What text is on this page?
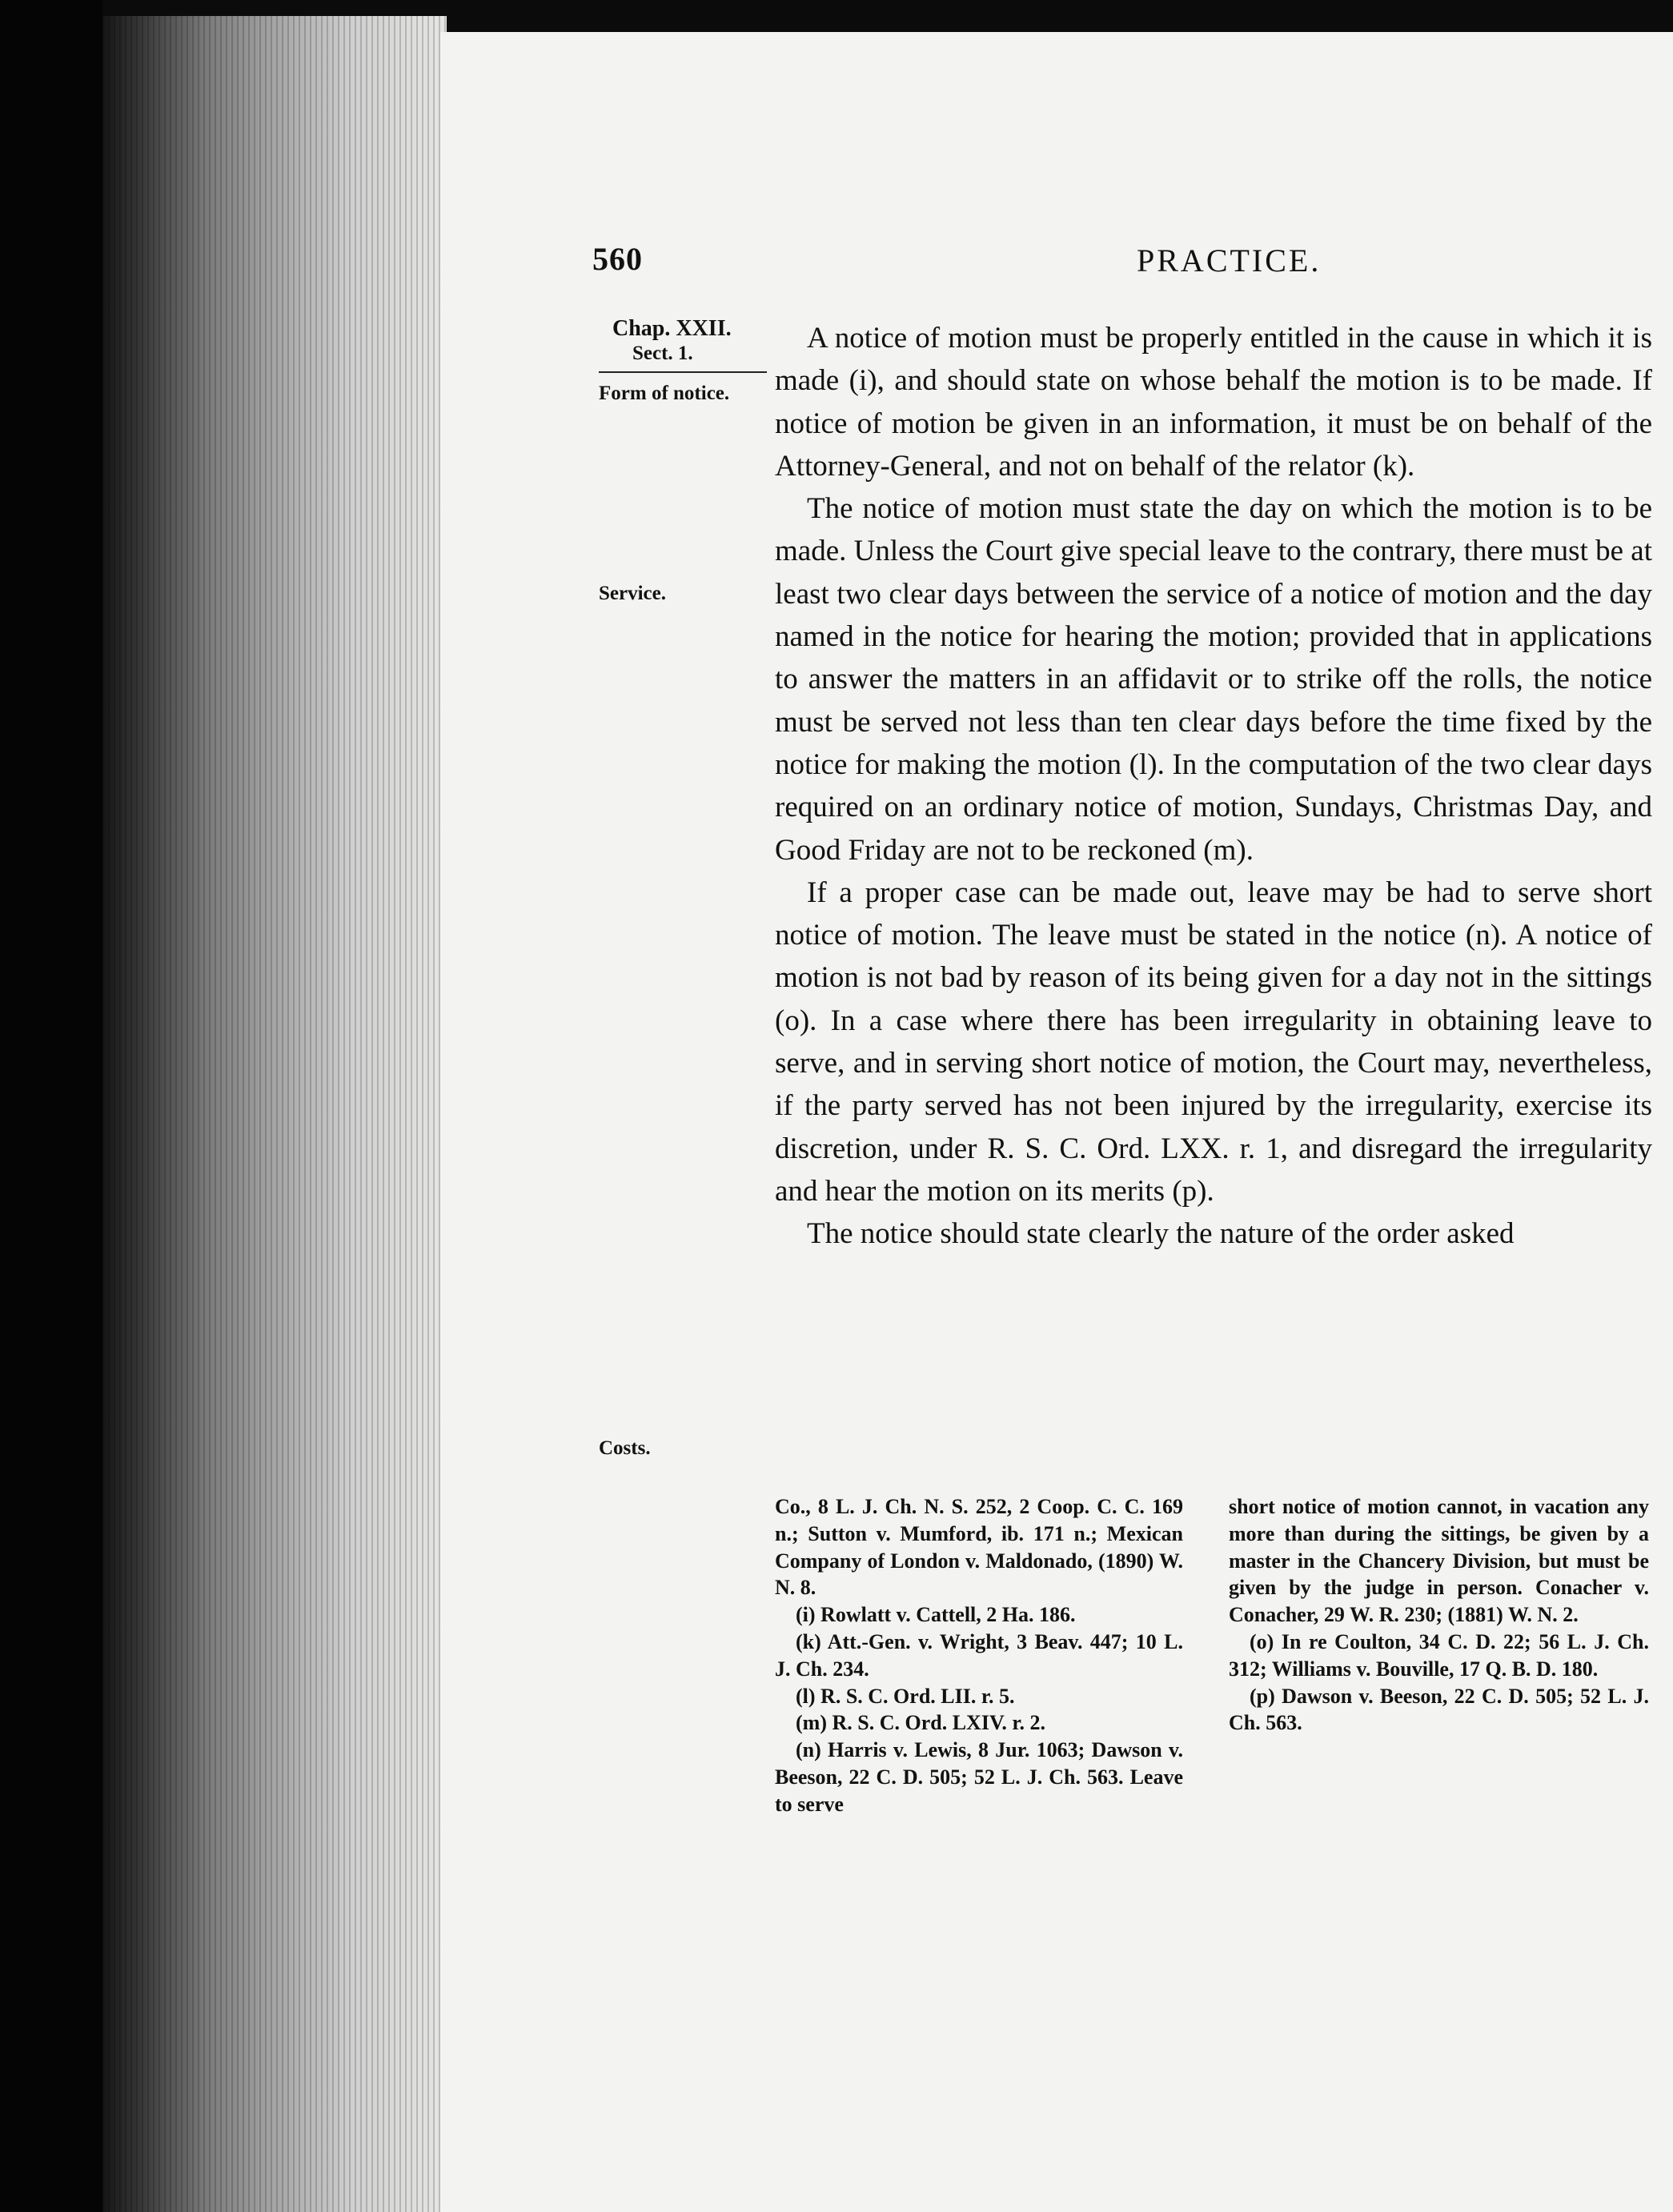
560	PRACTICE.
Chap. XXII.
Sect. 1.
Form of notice.
Service.
Costs.

A notice of motion must be properly entitled in the cause in which it is made (i), and should state on whose behalf the motion is to be made. If notice of motion be given in an information, it must be on behalf of the Attorney-General, and not on behalf of the relator (k).

The notice of motion must state the day on which the motion is to be made. Unless the Court give special leave to the contrary, there must be at least two clear days between the service of a notice of motion and the day named in the notice for hearing the motion; provided that in applications to answer the matters in an affidavit or to strike off the rolls, the notice must be served not less than ten clear days before the time fixed by the notice for making the motion (l). In the computation of the two clear days required on an ordinary notice of motion, Sundays, Christmas Day, and Good Friday are not to be reckoned (m).

If a proper case can be made out, leave may be had to serve short notice of motion. The leave must be stated in the notice (n). A notice of motion is not bad by reason of its being given for a day not in the sittings (o). In a case where there has been irregularity in obtaining leave to serve, and in serving short notice of motion, the Court may, nevertheless, if the party served has not been injured by the irregularity, exercise its discretion, under R. S. C. Ord. LXX. r. 1, and disregard the irregularity and hear the motion on its merits (p).

The notice should state clearly the nature of the order asked

Co., 8 L. J. Ch. N. S. 252, 2 Coop. C. C. 169 n.; Sutton v. Mumford, ib. 171 n.; Mexican Company of London v. Maldonado, (1890) W. N. 8.

(i) Rowlatt v. Cattell, 2 Ha. 186.

(k) Att.-Gen. v. Wright, 3 Beav. 447; 10 L. J. Ch. 234.

(l) R. S. C. Ord. LII. r. 5.

(m) R. S. C. Ord. LXIV. r. 2.

(n) Harris v. Lewis, 8 Jur. 1063; Dawson v. Beeson, 22 C. D. 505; 52 L. J. Ch. 563. Leave to serve

short notice of motion cannot, in vacation any more than during the sittings, be given by a master in the Chancery Division, but must be given by the judge in person. Conacher v. Conacher, 29 W. R. 230; (1881) W. N. 2.

(o) In re Coulton, 34 C. D. 22; 56 L. J. Ch. 312; Williams v. Bouville, 17 Q. B. D. 180.

(p) Dawson v. Beeson, 22 C. D. 505; 52 L. J. Ch. 563.
